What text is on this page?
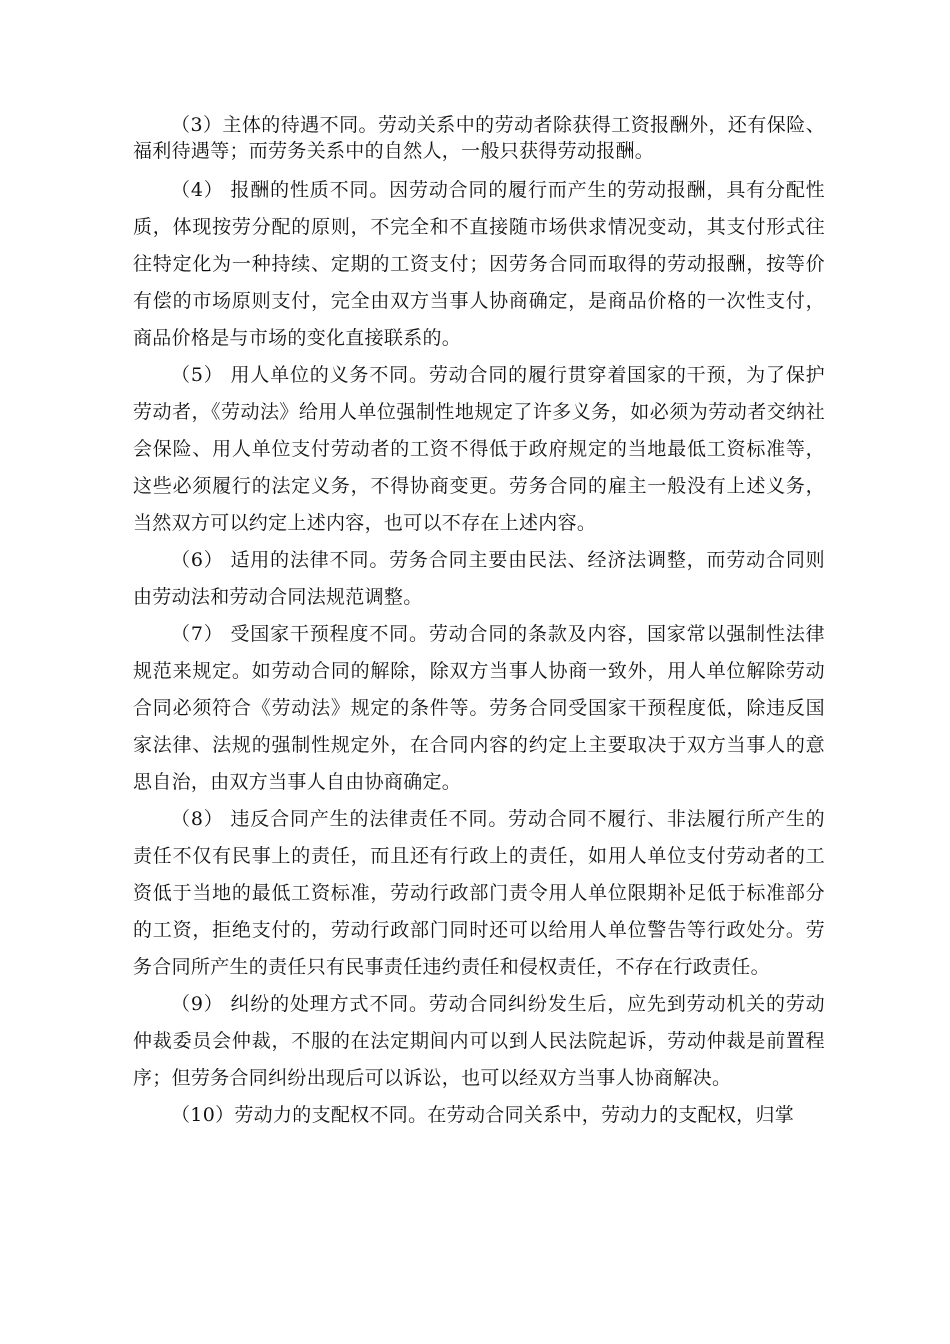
（3）主体的待遇不同。劳动关系中的劳动者除获得工资报酬外，还有保险、 福利待遇等；而劳务关系中的自然人，一般只获得劳动报酬。

（4） 报酬的性质不同。因劳动合同的履行而产生的劳动报酬，具有分配性质，体现按劳分配的原则，不完全和不直接随市场供求情况变动，其支付形式往往特定化为一种持续、定期的工资支付；因劳务合同而取得的劳动报酬，按等价有偿的市场原则支付，完全由双方当事人协商确定，是商品价格的一次性支付，商品价格是与市场的变化直接联系的。

（5） 用人单位的义务不同。劳动合同的履行贯穿着国家的干预，为了保护劳动者，《劳动法》给用人单位强制性地规定了许多义务，如必须为劳动者交纳社会保险、用人单位支付劳动者的工资不得低于政府规定的当地最低工资标准等，这些必须履行的法定义务，不得协商变更。劳务合同的雇主一般没有上述义务，当然双方可以约定上述内容，也可以不存在上述内容。

（6） 适用的法律不同。劳务合同主要由民法、经济法调整，而劳动合同则由劳动法和劳动合同法规范调整。

（7） 受国家干预程度不同。劳动合同的条款及内容，国家常以强制性法律规范来规定。如劳动合同的解除，除双方当事人协商一致外，用人单位解除劳动合同必须符合《劳动法》规定的条件等。劳务合同受国家干预程度低，除违反国家法律、法规的强制性规定外，在合同内容的约定上主要取决于双方当事人的意思自治，由双方当事人自由协商确定。

（8） 违反合同产生的法律责任不同。劳动合同不履行、非法履行所产生的责任不仅有民事上的责任，而且还有行政上的责任，如用人单位支付劳动者的工资低于当地的最低工资标准，劳动行政部门责令用人单位限期补足低于标准部分的工资，拒绝支付的，劳动行政部门同时还可以给用人单位警告等行政处分。劳务合同所产生的责任只有民事责任违约责任和侵权责任，不存在行政责任。

（9） 纠纷的处理方式不同。劳动合同纠纷发生后，应先到劳动机关的劳动仲裁委员会仲裁，不服的在法定期间内可以到人民法院起诉，劳动仲裁是前置程序；但劳务合同纠纷出现后可以诉讼，也可以经双方当事人协商解决。

（10）劳动力的支配权不同。在劳动合同关系中，劳动力的支配权，归掌
